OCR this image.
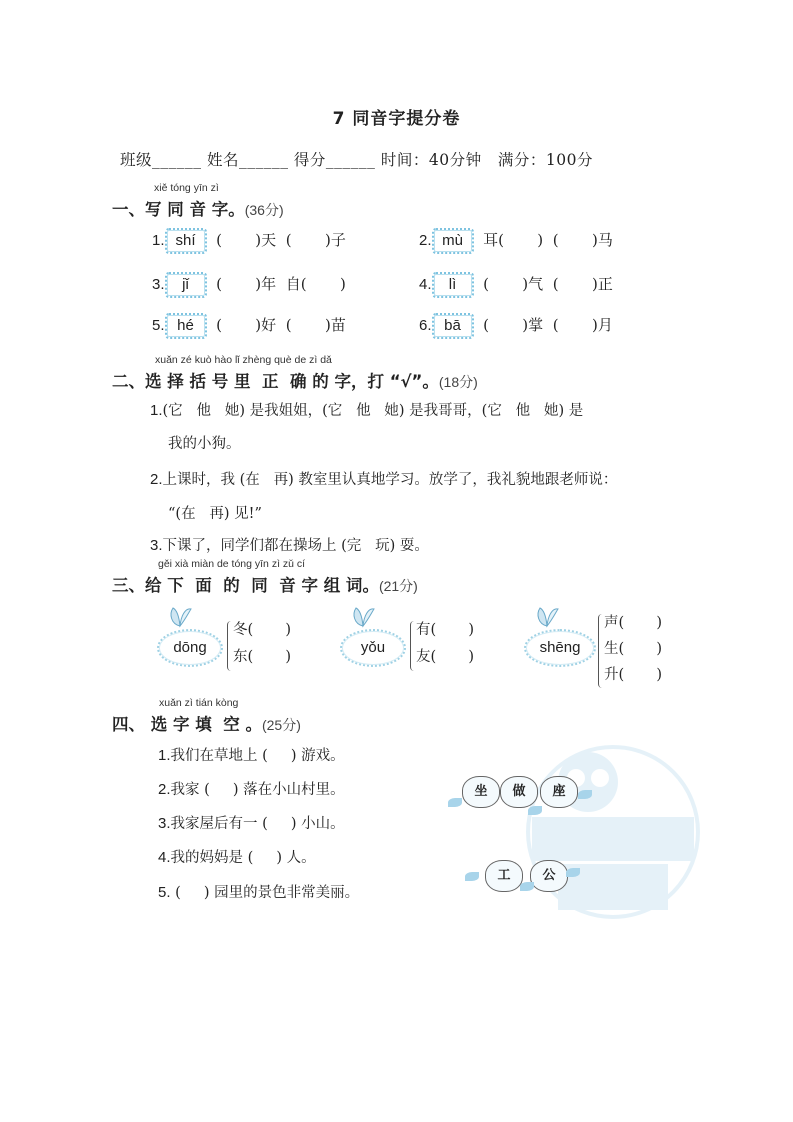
7 同音字提分卷
班级______ 姓名______ 得分______ 时间：40分钟 满分：100分
xiě tóng yīn zì
一、写 同 音 字。(36分)
1. shí (       )天 (       )子	2. mù 耳(       ) (       )马
3. jǐ (       )年 自(       )	4. lì (       )气 (       )正
5. hé (       )好 (       )苗	6. bā (       )掌 (       )月
xuǎn zé kuò hào lǐ zhèng què de zì dǎ
二、选 择 括 号 里  正  确 的 字，打 “√”。(18分)
1.(它   他   她) 是我姐姐，(它   他   她) 是我哥哥，(它   他   她) 是
我的小狗。
2.上课时，我 (在   再) 教室里认真地学习。放学了，我礼貌地跟老师说：
“(在   再) 见!”
3.下课了，同学们都在操场上 (完   玩) 耍。
gěi xià miàn de tóng yīn zì zǔ cí
三、给 下  面  的  同  音 字 组 词。(21分)
dōng
冬(       )
东(       )
yǒu
有(       )
友(       )
shēng
声(       )
生(       )
升(       )
xuǎn zì tián kòng
四、 选 字 填  空 。(25分)
1.我们在草地上 (     ) 游戏。
2.我家 (     ) 落在小山村里。
3.我家屋后有一 (     ) 小山。
4.我的妈妈是 (     ) 人。
5. (     ) 园里的景色非常美丽。
坐	做	座
工	公
